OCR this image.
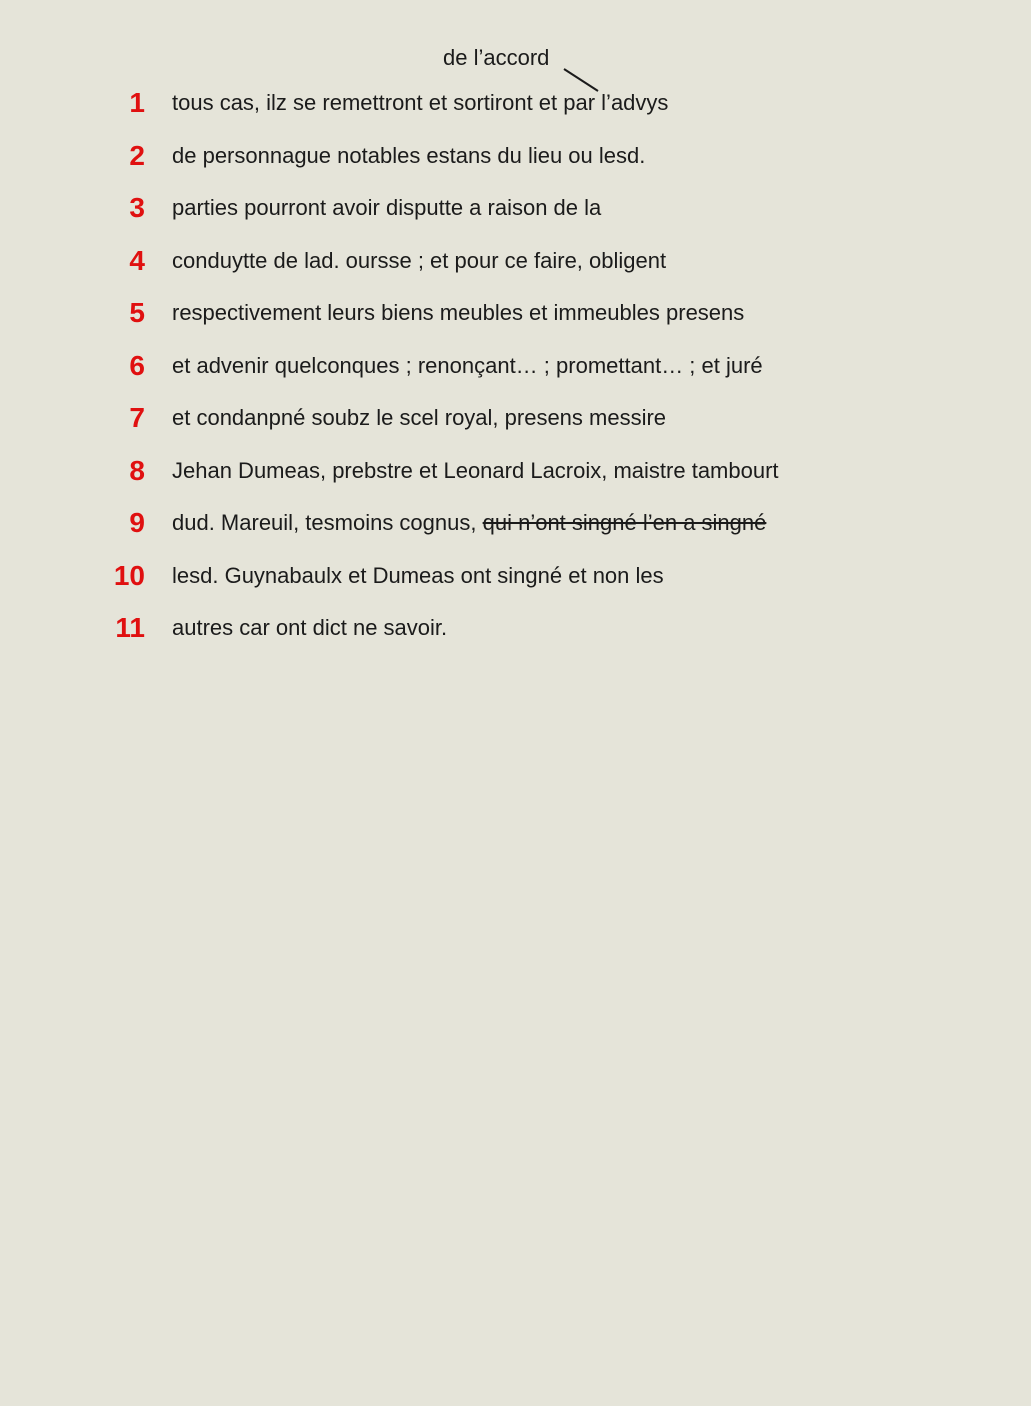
de l’accord
1 tous cas, ilz se remettront et sortiront et par l’advys
2 de personnague notables estans du lieu ou lesd.
3 parties pourront avoir disputte a raison de la
4 conduytte de lad. oursse ; et pour ce faire, obligent
5 respectivement leurs biens meubles et immeubles presens
6 et advenir quelconques ; renonçant… ; promettant… ; et juré
7 et condanpné soubz le scel royal, presens messire
8 Jehan Dumeas, prebstre et Leonard Lacroix, maistre tambourt
9 dud. Mareuil, tesmoins cognus, qui n’ont singné l’en a singné
10 lesd. Guynabaulx et Dumeas ont singné et non les
11 autres car ont dict ne savoir.
